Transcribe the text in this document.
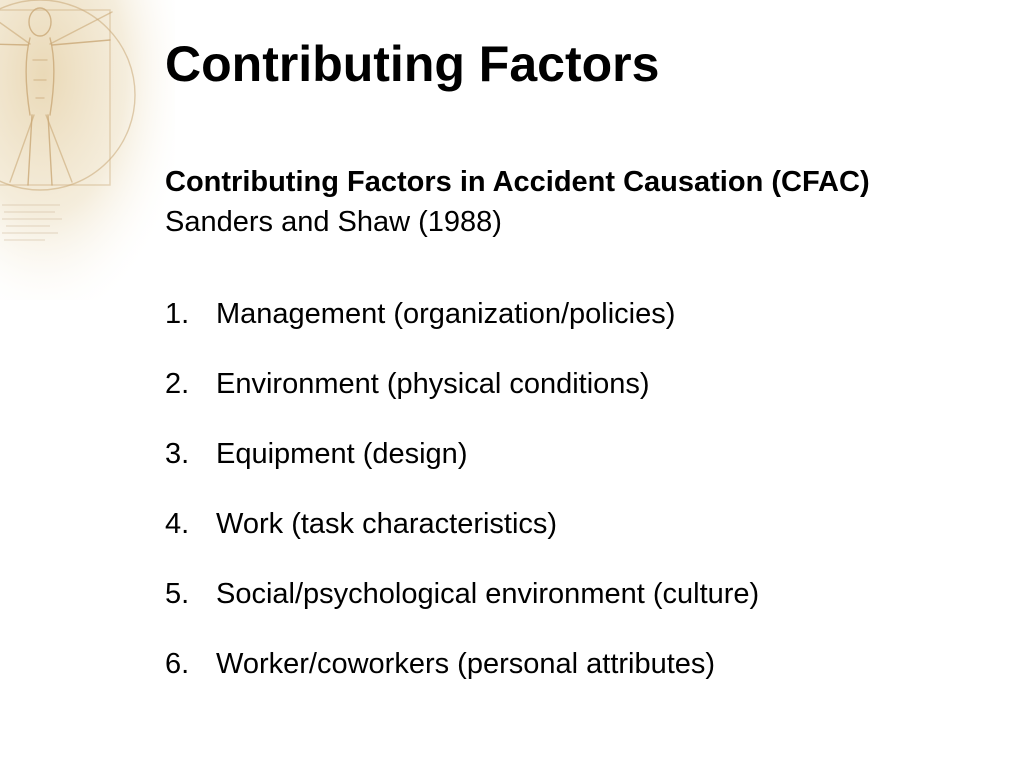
Contributing Factors

Contributing Factors in Accident Causation (CFAC)

Sanders and Shaw (1988)

1. Management (organization/policies)
2. Environment (physical conditions)
3. Equipment (design)
4. Work (task characteristics)
5. Social/psychological environment (culture)
6. Worker/coworkers (personal attributes)
